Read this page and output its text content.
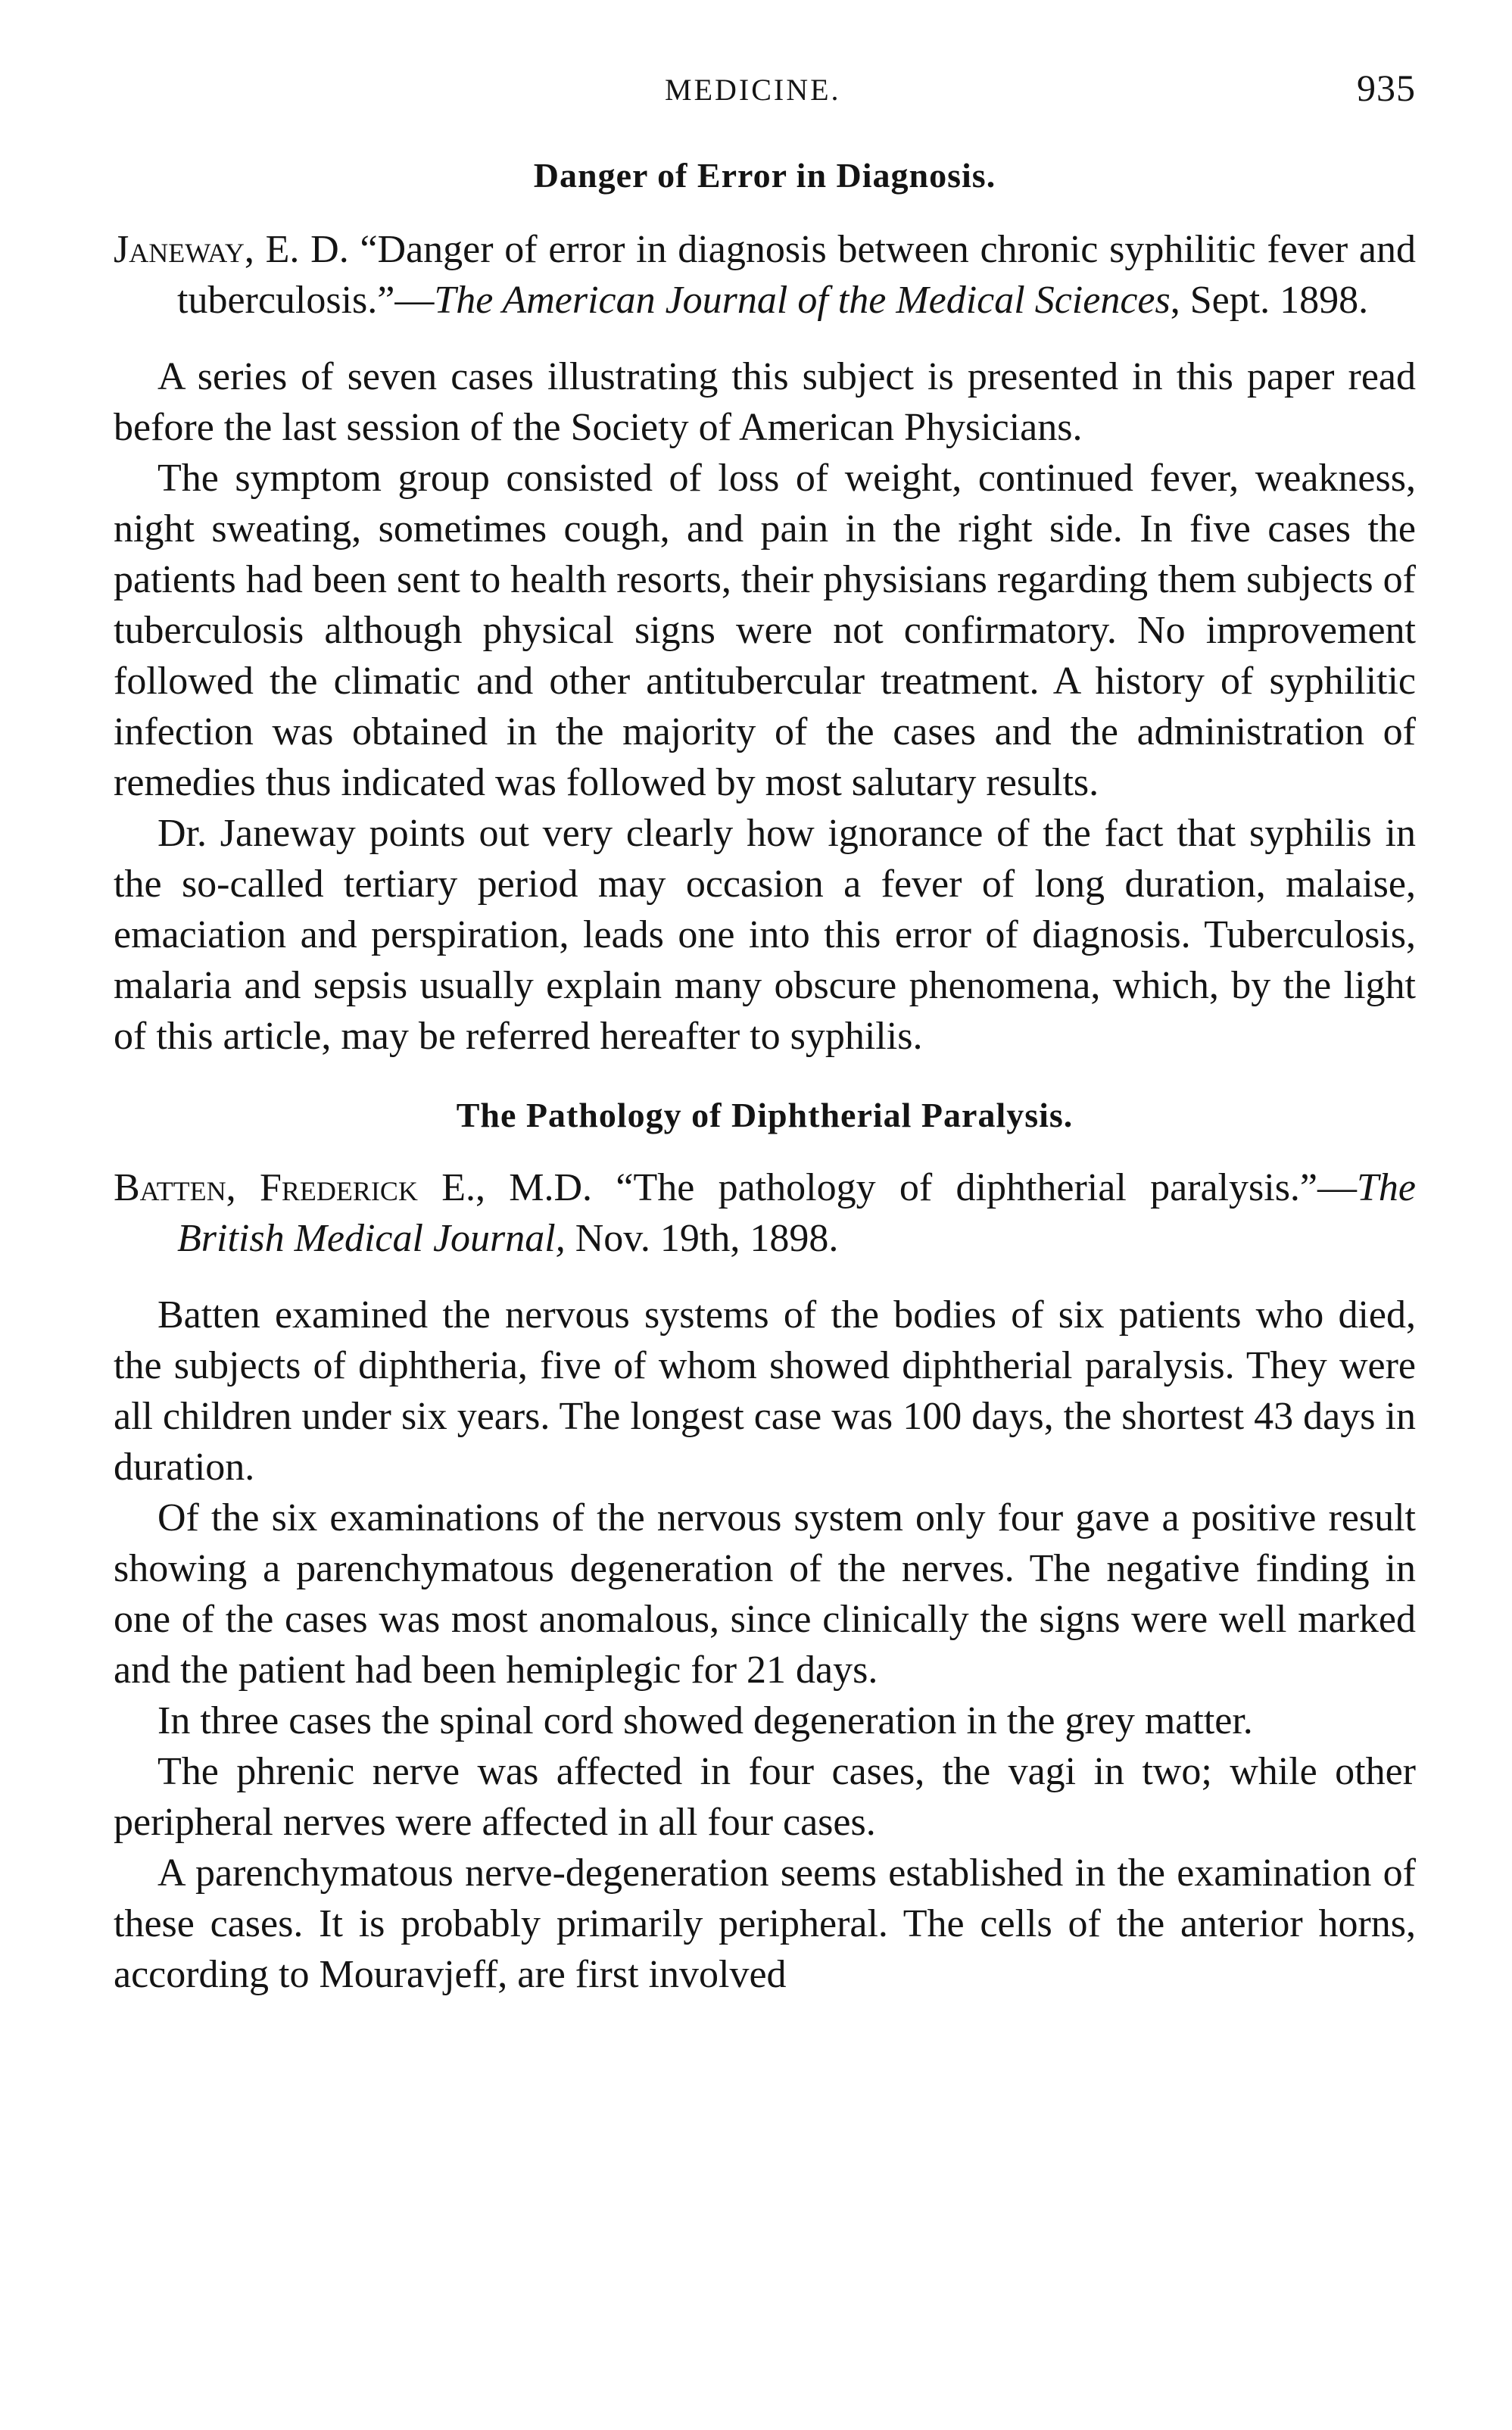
MEDICINE.	935
Danger of Error in Diagnosis.

Janeway, E. D. “Danger of error in diagnosis between chronic syphilitic fever and tuberculosis.”—The American Journal of the Medical Sciences, Sept. 1898.

A series of seven cases illustrating this subject is presented in this paper read before the last session of the Society of American Physicians.

The symptom group consisted of loss of weight, continued fever, weakness, night sweating, sometimes cough, and pain in the right side. In five cases the patients had been sent to health resorts, their physisians regarding them subjects of tuberculosis although physical signs were not confirmatory. No improvement followed the climatic and other antitubercular treatment. A history of syphilitic infection was obtained in the majority of the cases and the administration of remedies thus indicated was followed by most salutary results.

Dr. Janeway points out very clearly how ignorance of the fact that syphilis in the so-called tertiary period may occasion a fever of long duration, malaise, emaciation and perspiration, leads one into this error of diagnosis. Tuberculosis, malaria and sepsis usually explain many obscure phenomena, which, by the light of this article, may be referred hereafter to syphilis.

The Pathology of Diphtherial Paralysis.

Batten, Frederick E., M.D. “The pathology of diphtherial paralysis.”—The British Medical Journal, Nov. 19th, 1898.

Batten examined the nervous systems of the bodies of six patients who died, the subjects of diphtheria, five of whom showed diphtherial paralysis. They were all children under six years. The longest case was 100 days, the shortest 43 days in duration.

Of the six examinations of the nervous system only four gave a positive result showing a parenchymatous degeneration of the nerves. The negative finding in one of the cases was most anomalous, since clinically the signs were well marked and the patient had been hemiplegic for 21 days.

In three cases the spinal cord showed degeneration in the grey matter.

The phrenic nerve was affected in four cases, the vagi in two; while other peripheral nerves were affected in all four cases.

A parenchymatous nerve-degeneration seems established in the examination of these cases. It is probably primarily peripheral. The cells of the anterior horns, according to Mouravjeff, are first involved
